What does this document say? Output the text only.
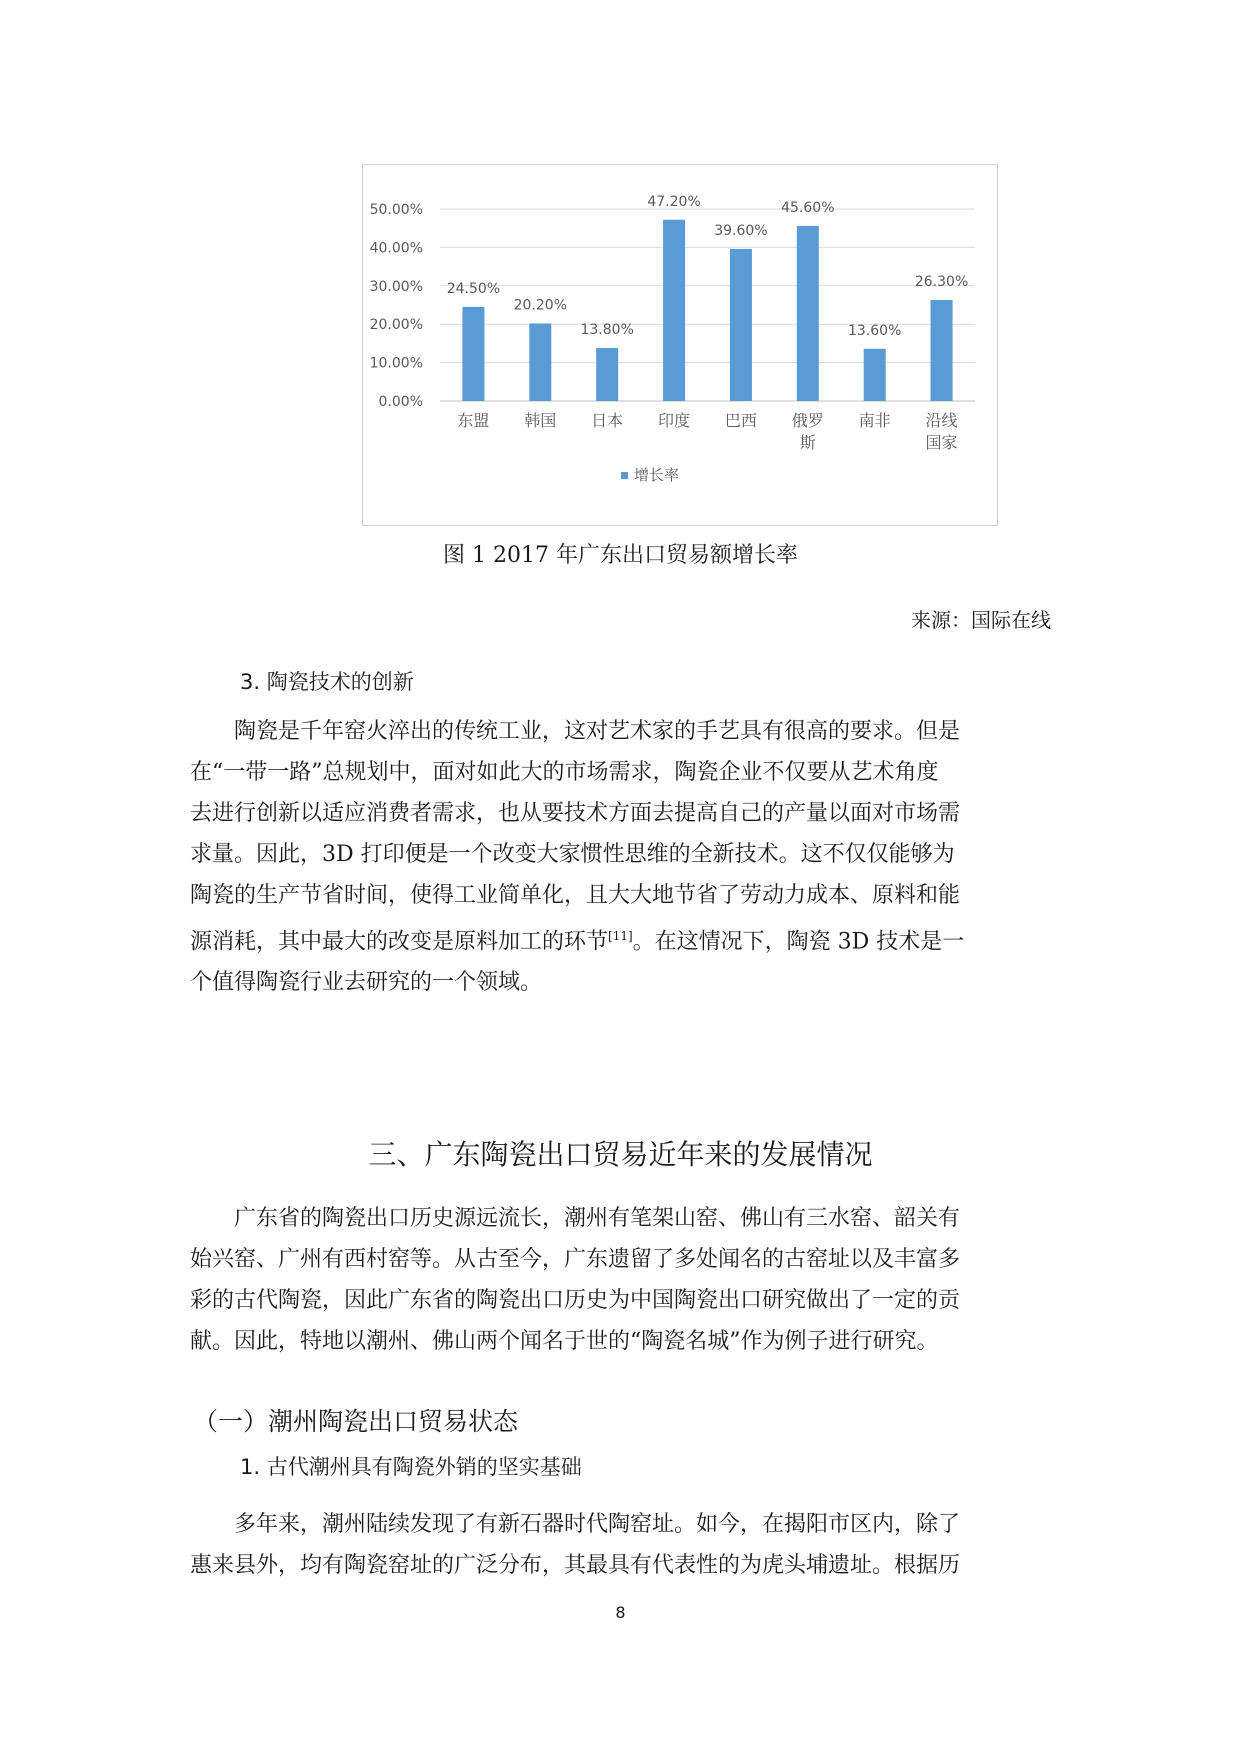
0.00%
10.00%
20.00%
30.00%
40.00%
50.00%
24.50%
东盟
20.20%
韩国
13.80%
日本
47.20%
印度
39.60%
巴西
45.60%
俄罗
斯
13.60%
南非
26.30%
沿线
国家
增长率
图 1 2017 年广东出口贸易额增长率
来源：国际在线
3. 陶瓷技术的创新
陶瓷是千年窑火淬出的传统工业，这对艺术家的手艺具有很高的要求。但是
在“一带一路”总规划中，面对如此大的市场需求，陶瓷企业不仅要从艺术角度
去进行创新以适应消费者需求，也从要技术方面去提高自己的产量以面对市场需
求量。因此，3D 打印便是一个改变大家惯性思维的全新技术。这不仅仅能够为
陶瓷的生产节省时间，使得工业简单化，且大大地节省了劳动力成本、原料和能
源消耗，其中最大的改变是原料加工的环节[11]。在这情况下，陶瓷 3D 技术是一
个值得陶瓷行业去研究的一个领域。
三、广东陶瓷出口贸易近年来的发展情况
广东省的陶瓷出口历史源远流长，潮州有笔架山窑、佛山有三水窑、韶关有
始兴窑、广州有西村窑等。从古至今，广东遗留了多处闻名的古窑址以及丰富多
彩的古代陶瓷，因此广东省的陶瓷出口历史为中国陶瓷出口研究做出了一定的贡
献。因此，特地以潮州、佛山两个闻名于世的“陶瓷名城”作为例子进行研究。
（一）潮州陶瓷出口贸易状态
1. 古代潮州具有陶瓷外销的坚实基础
多年来，潮州陆续发现了有新石器时代陶窑址。如今，在揭阳市区内，除了
惠来县外，均有陶瓷窑址的广泛分布，其最具有代表性的为虎头埔遗址。根据历
8
